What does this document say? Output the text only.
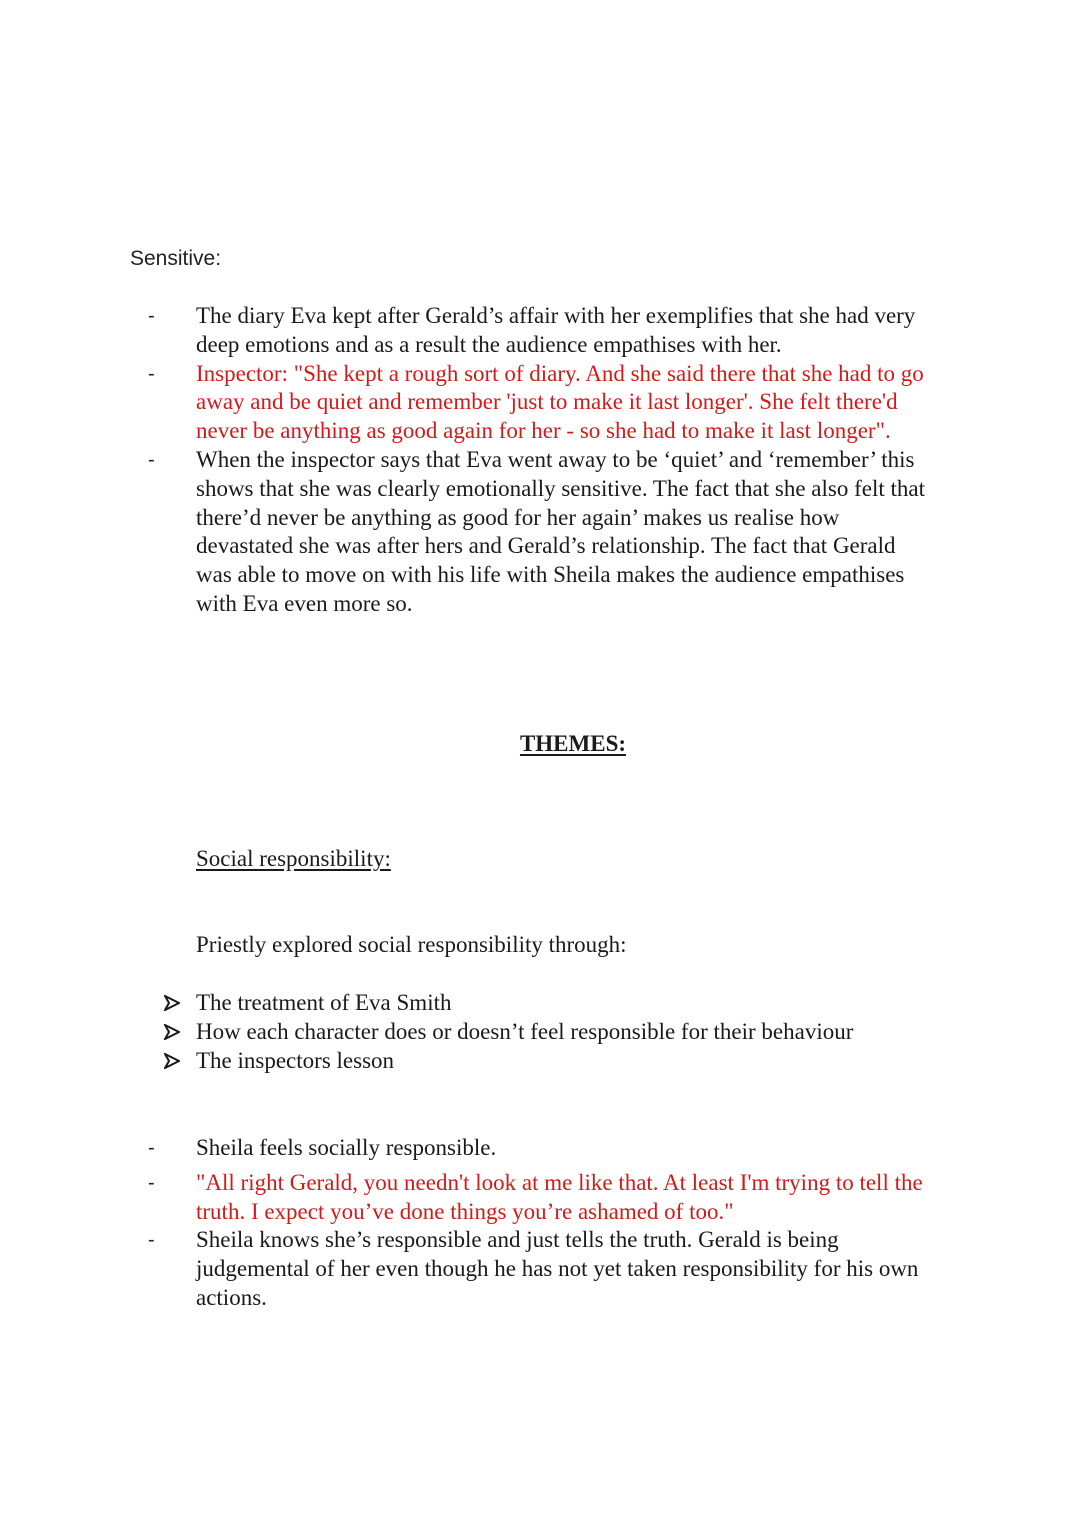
Sensitive:
- The diary Eva kept after Gerald’s affair with her exemplifies that she had very deep emotions and as a result the audience empathises with her.
- Inspector: "She kept a rough sort of diary. And she said there that she had to go away and be quiet and remember 'just to make it last longer'. She felt there'd never be anything as good again for her - so she had to make it last longer".
- When the inspector says that Eva went away to be ‘quiet’ and ‘remember’ this shows that she was clearly emotionally sensitive. The fact that she also felt that there’d never be anything as good for her again’ makes us realise how devastated she was after hers and Gerald’s relationship. The fact that Gerald was able to move on with his life with Sheila makes the audience empathises with Eva even more so.
THEMES:
Social responsibility:
Priestly explored social responsibility through:
The treatment of Eva Smith
How each character does or doesn’t feel responsible for their behaviour
The inspectors lesson
- Sheila feels socially responsible.
- "All right Gerald, you needn't look at me like that. At least I'm trying to tell the truth. I expect you’ve done things you’re ashamed of too."
- Sheila knows she’s responsible and just tells the truth. Gerald is being judgemental of her even though he has not yet taken responsibility for his own actions.
